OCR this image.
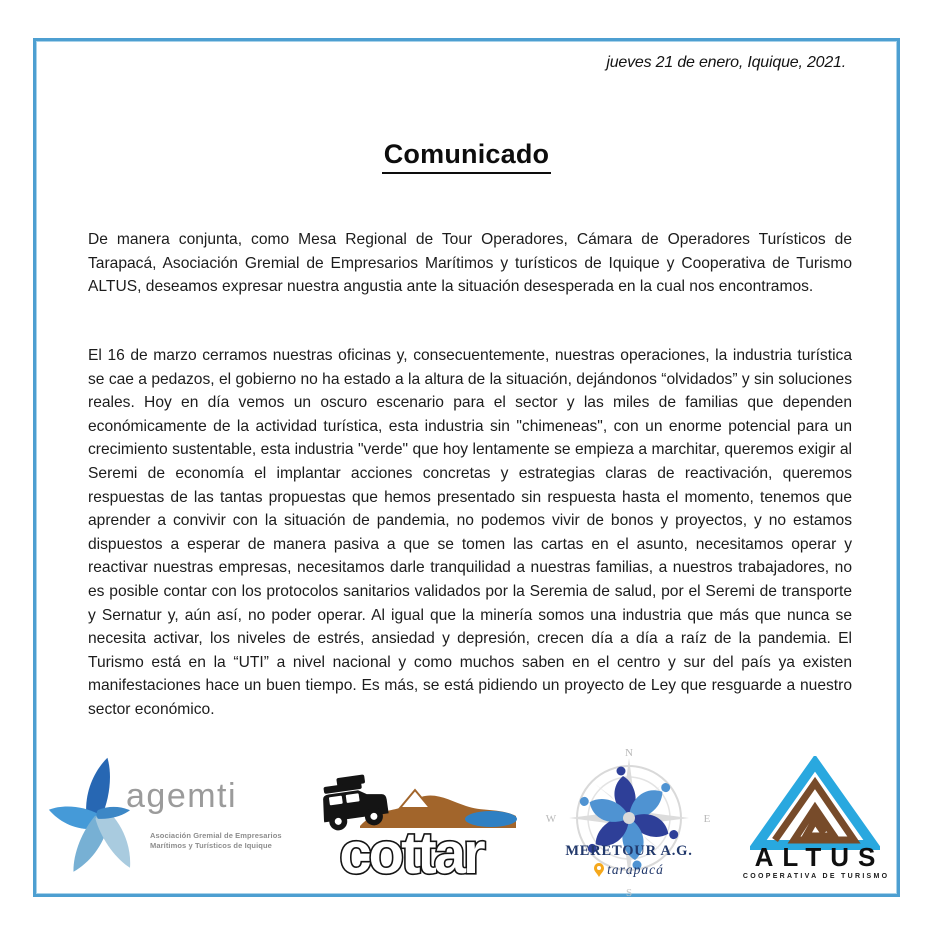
jueves 21 de enero, Iquique, 2021.
Comunicado

De manera conjunta, como Mesa Regional de Tour Operadores, Cámara de Operadores Turísticos de Tarapacá, Asociación Gremial de Empresarios Marítimos y turísticos de Iquique y Cooperativa de Turismo ALTUS, deseamos expresar nuestra angustia ante la situación desesperada en la cual nos encontramos.

El 16 de marzo cerramos nuestras oficinas y, consecuentemente, nuestras operaciones, la industria turística se cae a pedazos, el gobierno no ha estado a la altura de la situación, dejándonos “olvidados” y sin soluciones reales. Hoy en día vemos un oscuro escenario para el sector y las miles de familias que dependen económicamente de la actividad turística, esta industria sin "chimeneas", con un enorme potencial para un crecimiento sustentable, esta industria "verde" que hoy lentamente se empieza a marchitar, queremos exigir al Seremi de economía el implantar acciones concretas y estrategias claras de reactivación, queremos respuestas de las tantas propuestas que hemos presentado sin respuesta hasta el momento, tenemos que aprender a convivir con la situación de pandemia, no podemos vivir de bonos y proyectos, y no estamos dispuestos a esperar de manera pasiva a que se tomen las cartas en el asunto, necesitamos operar y reactivar nuestras empresas, necesitamos darle tranquilidad a nuestras familias, a nuestros trabajadores, no es posible contar con los protocolos sanitarios validados por la Seremia de salud, por el Seremi de transporte y Sernatur y, aún así, no poder operar. Al igual que la minería somos una industria que más que nunca se necesita activar, los niveles de estrés, ansiedad y depresión, crecen día a día a raíz de la pandemia. El Turismo está en la “UTI” a nivel nacional y como muchos saben en el centro y sur del país ya existen manifestaciones hace un buen tiempo. Es más, se está pidiendo un proyecto de Ley que resguarde a nuestro sector económico.

agemti
Asociación Gremial de Empresarios
Marítimos y Turísticos de Iquique cottar
N
W	E
S
MERETOUR A.G.
tarapacá	ALTUS
COOPERATIVA DE TURISMO
